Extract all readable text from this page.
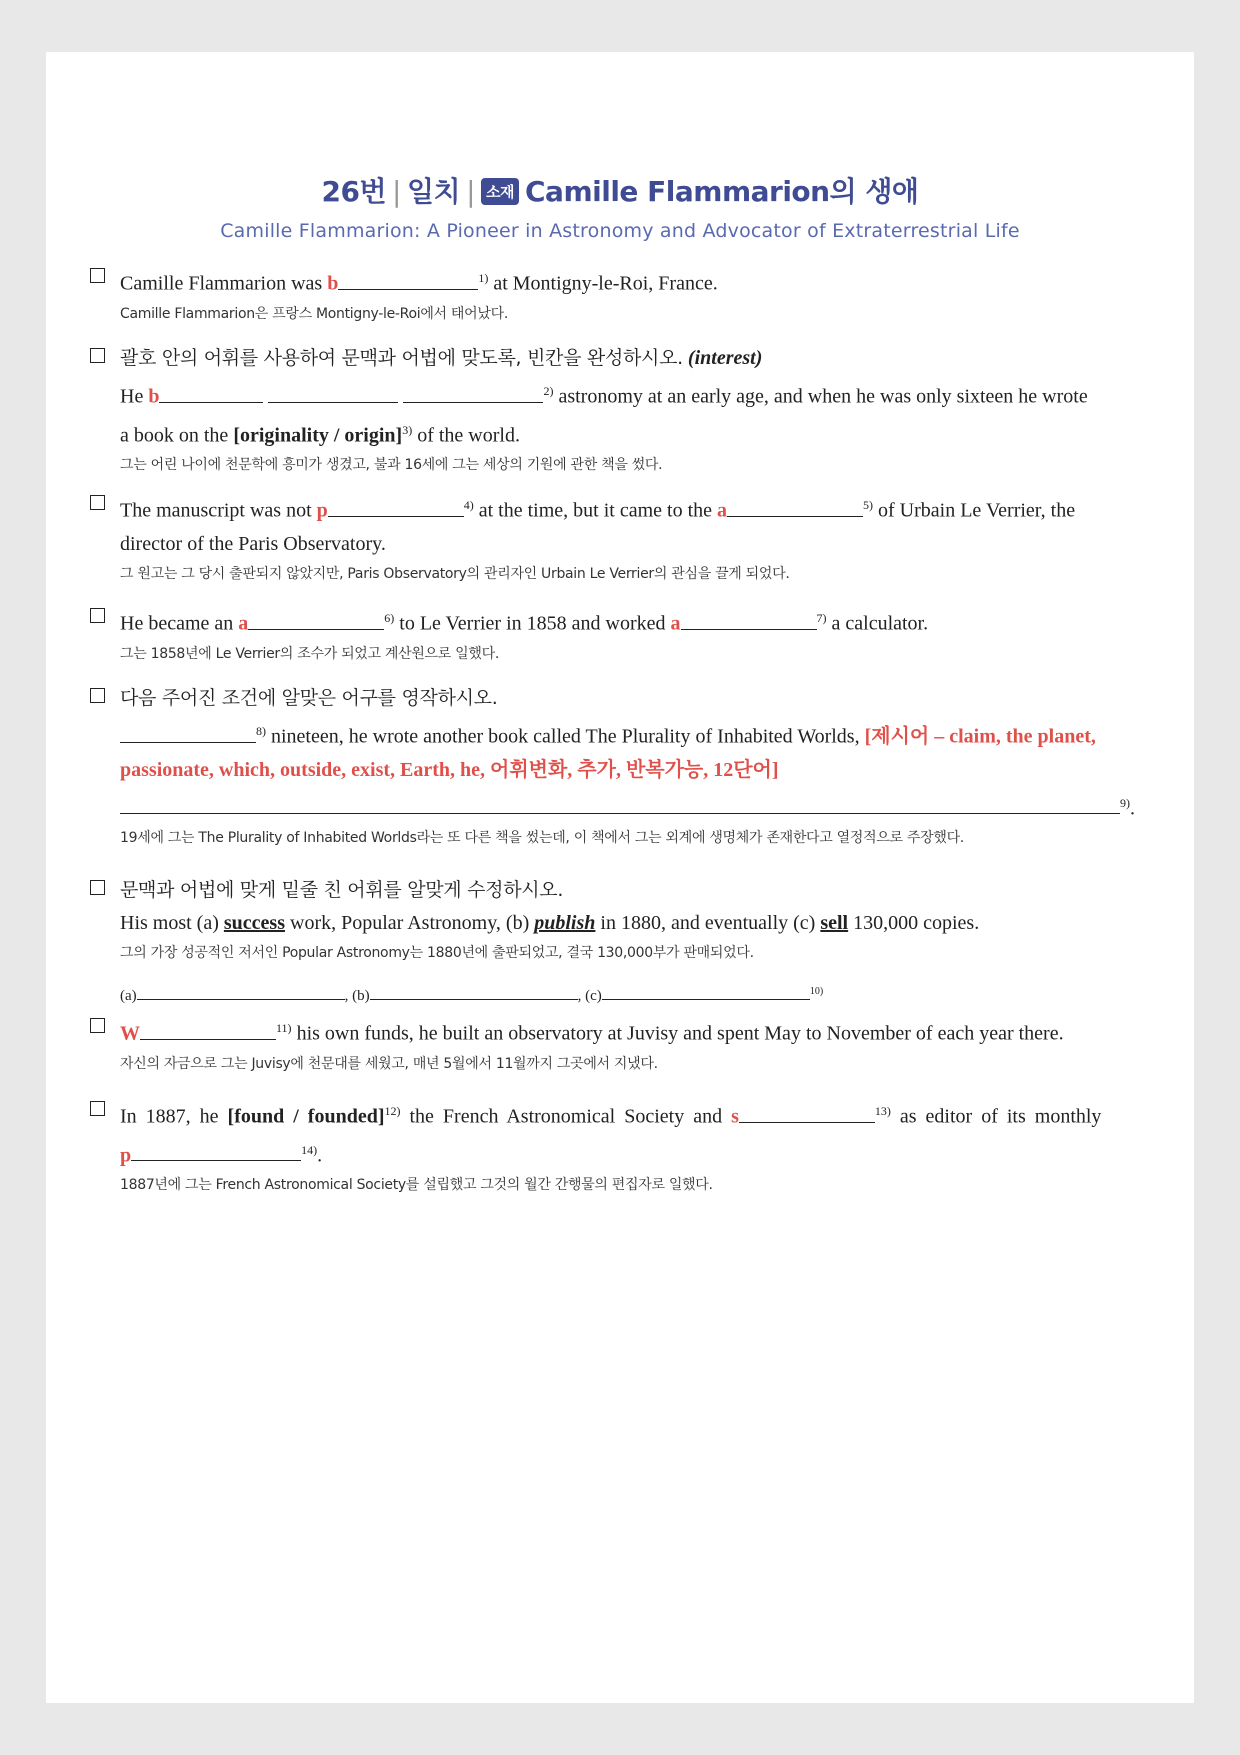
26번 | 일치 | 소재 Camille Flammarion의 생애
Camille Flammarion: A Pioneer in Astronomy and Advocator of Extraterrestrial Life
Camille Flammarion was b	$^{1)}$ at Montigny-le-Roi, France.
Camille Flammarion은 프랑스 Montigny-le-Roi에서 태어났다.
괄호 안의 어휘를 사용하여 문맥과 어법에 맞도록, 빈칸을 완성하시오. (interest)
He b	$^{2)}$ astronomy at an early age, and when he was only sixteen he wrote
a book on the [originality / origin]$^{3)}$ of the world.
그는 어린 나이에 천문학에 흥미가 생겼고, 불과 16세에 그는 세상의 기원에 관한 책을 썼다.
The manuscript was not p	$^{4)}$ at the time, but it came to the a	$^{5)}$ of Urbain Le Verrier, the
director of the Paris Observatory.
그 원고는 그 당시 출판되지 않았지만, Paris Observatory의 관리자인 Urbain Le Verrier의 관심을 끌게 되었다.
He became an a	$^{6)}$ to Le Verrier in 1858 and worked a	$^{7)}$ a calculator.
그는 1858년에 Le Verrier의 조수가 되었고 계산원으로 일했다.
다음 주어진 조건에 알맞은 어구를 영작하시오.
$^{8)}$ nineteen, he wrote another book called The Plurality of Inhabited Worlds, [제시어 – claim, the planet,
passionate, which, outside, exist, Earth, he, 어휘변화, 추가, 반복가능, 12단어]
$^{9)}$.
19세에 그는 The Plurality of Inhabited Worlds라는 또 다른 책을 썼는데, 이 책에서 그는 외계에 생명체가 존재한다고 열정적으로 주장했다.
문맥과 어법에 맞게 밑줄 친 어휘를 알맞게 수정하시오.
His most (a) success work, Popular Astronomy, (b) publish in 1880, and eventually (c) sell 130,000 copies.
그의 가장 성공적인 저서인 Popular Astronomy는 1880년에 출판되었고, 결국 130,000부가 판매되었다.
(a)	, (b)	, (c)	$^{10)}$
W	$^{11)}$ his own funds, he built an observatory at Juvisy and spent May to November of each year there.
자신의 자금으로 그는 Juvisy에 천문대를 세웠고, 매년 5월에서 11월까지 그곳에서 지냈다.
In 1887, he [found / founded]$^{12)}$ the French Astronomical Society and s	$^{13)}$ as editor of its monthly
p	$^{14)}$.
1887년에 그는 French Astronomical Society를 설립했고 그것의 월간 간행물의 편집자로 일했다.
